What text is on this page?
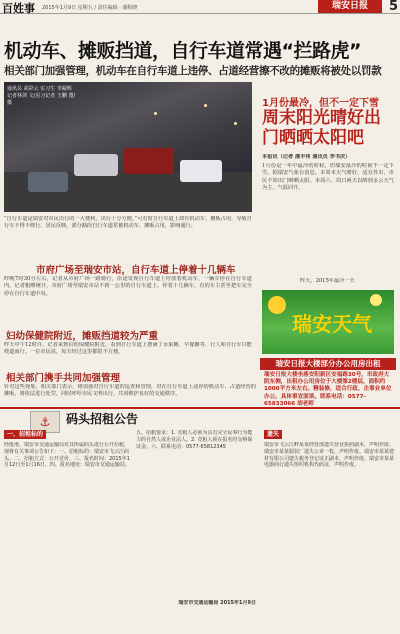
百姓事 2015年1月9日 星期五 / 责任编辑 · 潘程晓	瑞安日报	5
机动车、摊贩挡道，自行车道常遇“拦路虎”
相关部门加强管理，机动车在自行车道上违停、占道经营擦不改的摊贩将被处以罚款
通讯员 胡彩云 实习生 李凝辉 记者林剑 文/见习记者 王鹏 图/摄
“自行车道是瑞安对市民出行的一大便利，出行十分方便。”可有时自行车道上却有机动车、摊贩占用，导致自行车不得不绕行。居民反映，部分路段自行车道常被机动车、摊贩占用，影响通行。
市府广场至瑞安市站，自行车道上停着十几辆车
昨晚7时30分左右，记者从市府广场一路骑行，沿途发现自行车道上停放着机动车，一辆车停在自行车道内。记者粗略统计，市府广场至瑞安市站不到一公里的自行车道上，停着十几辆车，有的车主甚至把车完全停在自行车道中央。
妇幼保健院附近，摊贩挡道较为严重
昨天中午12时许，记者来到妇幼保健院附近，看到自行车道上摆满了水果摊、早餐摊等，行人和自行车只能绕道而行。一位市民说，每天经过这里都很不方便。
相关部门携手共同加强管理
针对这些现象，相关部门表示，将加强对自行车道的巡查和管理，对在自行车道上违停的机动车、占道经营的摊贩，将依法进行处罚，同时呼吁市民文明出行，共同维护良好的交通秩序。
1月份最冷，但不一定下雪
周末阳光晴好出门晒晒太阳吧
本报讯（记者 潘丰伟 通讯员 李书庆）
1月份是一年中最冷的时候，但瑞安最冷的时候不一定下雪。据瑞安气象台消息，本周末天气晴好，适宜外出，市民不妨出门晒晒太阳。本周六、周日两天以晴到多云天气为主，气温回升。
昨天，2015年最冷一天
瑞安天气
瑞安日报大楼部分办公用房出租
瑞安日报大楼坐落安阳新区安福路30号，市政府大院东侧，出租办公用房位于大楼第2楼层，面积约1000平方米左右。精装修，适合行政、企事业单位办公，具体事宜面谈。联系电话：0577-65833066 胡老师
⚓	码头招租公告
一、招租标的
经批准，瑞安市交通运输局对其所属码头进行公开招租，现将有关事项公告如下：一、招租标的：瑞安市飞云江码头。二、招租方式：公开竞价。三、报名时间：2015年1月12日至1月16日。四、报名地址：瑞安市交通运输局。
五、招租要求：1. 竞租人必须为具有完全民事行为能力的自然人或企业法人。2. 竞租人须在报名时交纳保证金。六、联系电话：0577-65812345
瑞安市交通运输局 2015年1月9日
遗失
瑞安市飞云江畔某某经营部遗失营业执照副本，声明作废。瑞安市某某服装厂遗失公章一枚，声明作废。瑞安市某某建材有限公司遗失税务登记证正副本，声明作废。瑞安市某某电器商行遗失组织机构代码证，声明作废。
